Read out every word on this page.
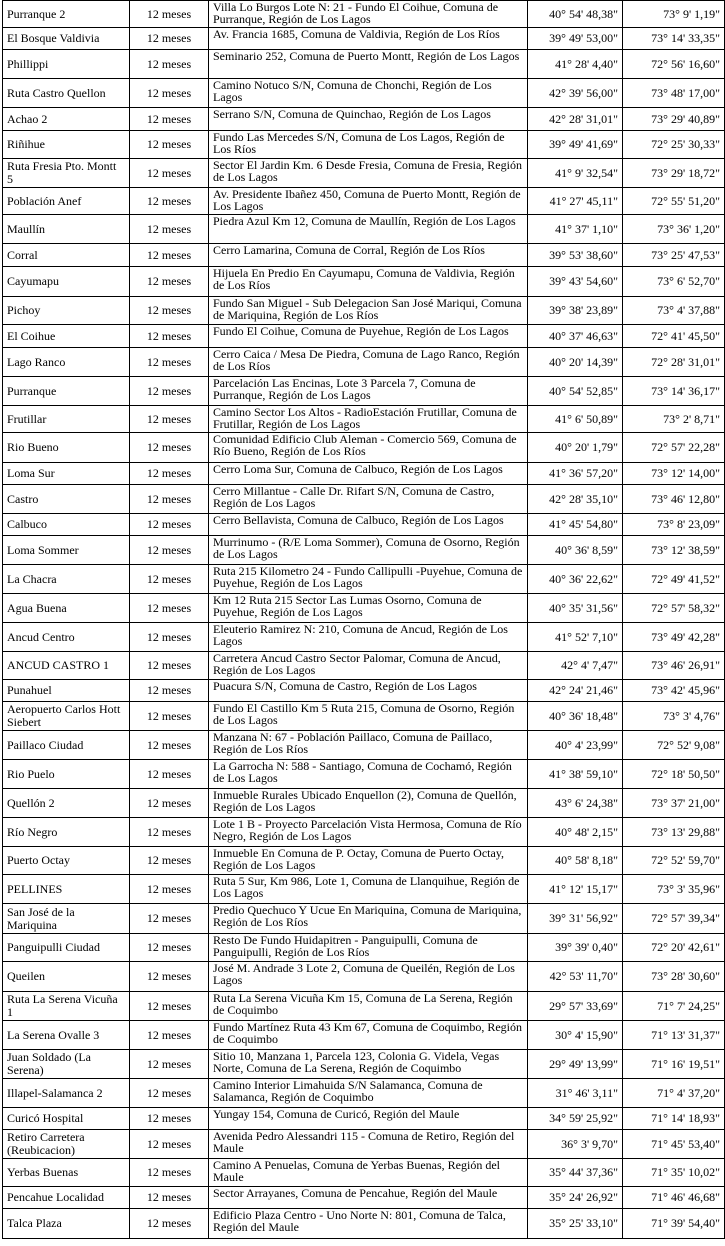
Purranque 2	12 meses	Villa Lo Burgos Lote N: 21 - Fundo El Coihue, Comuna de Purranque, Región de Los Lagos	40° 54' 48,38"	73° 9' 1,19"
El Bosque Valdivia	12 meses	Av. Francia 1685, Comuna de Valdivia, Región de Los Ríos	39° 49' 53,00"	73° 14' 33,35"
Phillippi	12 meses	Seminario 252, Comuna de Puerto Montt, Región de Los Lagos	41° 28' 4,40"	72° 56' 16,60"
Ruta Castro Quellon	12 meses	Camino Notuco S/N, Comuna de Chonchi, Región de Los Lagos	42° 39' 56,00"	73° 48' 17,00"
Achao 2	12 meses	Serrano S/N, Comuna de Quinchao, Región de Los Lagos	42° 28' 31,01"	73° 29' 40,89"
Riñihue	12 meses	Fundo Las Mercedes S/N, Comuna de Los Lagos, Región de Los Ríos	39° 49' 41,69"	72° 25' 30,33"
Ruta Fresia Pto. Montt 5	12 meses	Sector El Jardin Km. 6 Desde Fresia, Comuna de Fresia, Región de Los Lagos	41° 9' 32,54"	73° 29' 18,72"
Población Anef	12 meses	Av. Presidente Ibañez 450, Comuna de Puerto Montt, Región de Los Lagos	41° 27' 45,11"	72° 55' 51,20"
Maullín	12 meses	Piedra Azul Km 12, Comuna de Maullín, Región de Los Lagos	41° 37' 1,10"	73° 36' 1,20"
Corral	12 meses	Cerro Lamarina, Comuna de Corral, Región de Los Ríos	39° 53' 38,60"	73° 25' 47,53"
Cayumapu	12 meses	Hijuela En Predio En Cayumapu, Comuna de Valdivia, Región de Los Ríos	39° 43' 54,60"	73° 6' 52,70"
Pichoy	12 meses	Fundo San Miguel - Sub Delegacion San José Mariqui, Comuna de Mariquina, Región de Los Ríos	39° 38' 23,89"	73° 4' 37,88"
El Coihue	12 meses	Fundo El Coihue, Comuna de Puyehue, Región de Los Lagos	40° 37' 46,63"	72° 41' 45,50"
Lago Ranco	12 meses	Cerro Caica / Mesa De Piedra, Comuna de Lago Ranco, Región de Los Ríos	40° 20' 14,39"	72° 28' 31,01"
Purranque	12 meses	Parcelación Las Encinas, Lote 3 Parcela 7, Comuna de Purranque, Región de Los Lagos	40° 54' 52,85"	73° 14' 36,17"
Frutillar	12 meses	Camino Sector Los Altos - RadioEstación Frutillar, Comuna de Frutillar, Región de Los Lagos	41° 6' 50,89"	73° 2' 8,71"
Rio Bueno	12 meses	Comunidad Edificio Club Aleman - Comercio 569, Comuna de Río Bueno, Región de Los Ríos	40° 20' 1,79"	72° 57' 22,28"
Loma Sur	12 meses	Cerro Loma Sur, Comuna de Calbuco, Región de Los Lagos	41° 36' 57,20"	73° 12' 14,00"
Castro	12 meses	Cerro Millantue - Calle Dr. Rifart S/N, Comuna de Castro, Región de Los Lagos	42° 28' 35,10"	73° 46' 12,80"
Calbuco	12 meses	Cerro Bellavista, Comuna de Calbuco, Región de Los Lagos	41° 45' 54,80"	73° 8' 23,09"
Loma Sommer	12 meses	Murrinumo - (R/E Loma Sommer), Comuna de Osorno, Región de Los Lagos	40° 36' 8,59"	73° 12' 38,59"
La Chacra	12 meses	Ruta 215 Kilometro 24 - Fundo Callipulli -Puyehue, Comuna de Puyehue, Región de Los Lagos	40° 36' 22,62"	72° 49' 41,52"
Agua Buena	12 meses	Km 12 Ruta 215 Sector Las Lumas Osorno, Comuna de Puyehue, Región de Los Lagos	40° 35' 31,56"	72° 57' 58,32"
Ancud Centro	12 meses	Eleuterio Ramirez N: 210, Comuna de Ancud, Región de Los Lagos	41° 52' 7,10"	73° 49' 42,28"
ANCUD CASTRO 1	12 meses	Carretera Ancud Castro Sector Palomar, Comuna de Ancud, Región de Los Lagos	42° 4' 7,47"	73° 46' 26,91"
Punahuel	12 meses	Puacura S/N, Comuna de Castro, Región de Los Lagos	42° 24' 21,46"	73° 42' 45,96"
Aeropuerto Carlos Hott Siebert	12 meses	Fundo El Castillo Km 5 Ruta 215, Comuna de Osorno, Región de Los Lagos	40° 36' 18,48"	73° 3' 4,76"
Paillaco Ciudad	12 meses	Manzana N: 67 - Población Paillaco, Comuna de Paillaco, Región de Los Ríos	40° 4' 23,99"	72° 52' 9,08"
Rio Puelo	12 meses	La Garrocha N: 588 - Santiago, Comuna de Cochamó, Región de Los Lagos	41° 38' 59,10"	72° 18' 50,50"
Quellón 2	12 meses	Inmueble Rurales Ubicado Enquellon (2), Comuna de Quellón, Región de Los Lagos	43° 6' 24,38"	73° 37' 21,00"
Río Negro	12 meses	Lote 1 B - Proyecto Parcelación Vista Hermosa, Comuna de Río Negro, Región de Los Lagos	40° 48' 2,15"	73° 13' 29,88"
Puerto Octay	12 meses	Inmueble En Comuna de P. Octay, Comuna de Puerto Octay, Región de Los Lagos	40° 58' 8,18"	72° 52' 59,70"
PELLINES	12 meses	Ruta 5 Sur, Km 986, Lote 1, Comuna de Llanquihue, Región de Los Lagos	41° 12' 15,17"	73° 3' 35,96"
San José de la Mariquina	12 meses	Predio Quechuco Y Ucue En Mariquina, Comuna de Mariquina, Región de Los Ríos	39° 31' 56,92"	72° 57' 39,34"
Panguipulli Ciudad	12 meses	Resto De Fundo Huidapitren - Panguipulli, Comuna de Panguipulli, Región de Los Ríos	39° 39' 0,40"	72° 20' 42,61"
Queilen	12 meses	José M. Andrade 3 Lote 2, Comuna de Queilén, Región de Los Lagos	42° 53' 11,70"	73° 28' 30,60"
Ruta La Serena Vicuña 1	12 meses	Ruta La Serena Vicuña Km 15, Comuna de La Serena, Región de Coquimbo	29° 57' 33,69"	71° 7' 24,25"
La Serena Ovalle 3	12 meses	Fundo Martínez Ruta 43 Km 67, Comuna de Coquimbo, Región de Coquimbo	30° 4' 15,90"	71° 13' 31,37"
Juan Soldado (La Serena)	12 meses	Sitio 10, Manzana 1, Parcela 123, Colonia G. Videla, Vegas Norte, Comuna de La Serena, Región de Coquimbo	29° 49' 13,99"	71° 16' 19,51"
Illapel-Salamanca 2	12 meses	Camino Interior Limahuida S/N Salamanca, Comuna de Salamanca, Región de Coquimbo	31° 46' 3,11"	71° 4' 37,20"
Curicó Hospital	12 meses	Yungay 154, Comuna de Curicó, Región del Maule	34° 59' 25,92"	71° 14' 18,93"
Retiro Carretera (Reubicacion)	12 meses	Avenida Pedro Alessandri 115 - Comuna de Retiro, Región del Maule	36° 3' 9,70"	71° 45' 53,40"
Yerbas Buenas	12 meses	Camino A Penuelas, Comuna de Yerbas Buenas, Región del Maule	35° 44' 37,36"	71° 35' 10,02"
Pencahue Localidad	12 meses	Sector Arrayanes, Comuna de Pencahue, Región del Maule	35° 24' 26,92"	71° 46' 46,68"
Talca Plaza	12 meses	Edificio Plaza Centro - Uno Norte N: 801, Comuna de Talca, Región del Maule	35° 25' 33,10"	71° 39' 54,40"
